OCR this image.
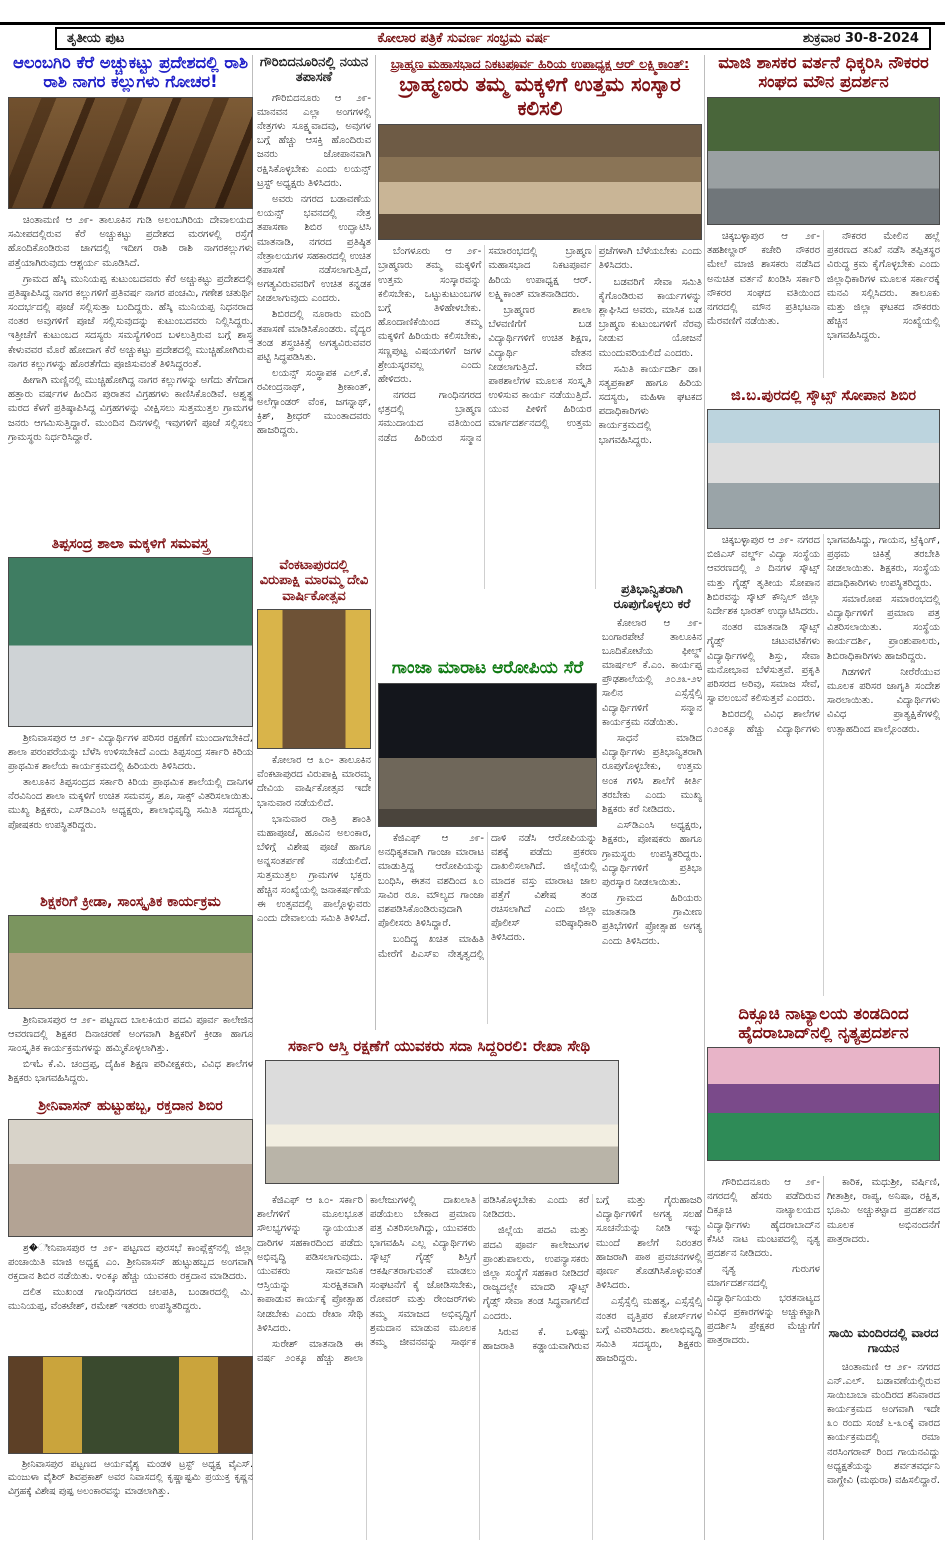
ತೃತೀಯ ಪುಟ	ಕೋಲಾರ ಪತ್ರಿಕೆ ಸುವರ್ಣ ಸಂಭ್ರಮ ವರ್ಷ	ಶುಕ್ರವಾರ 30-8-2024
ಆಲಂಬಗಿರಿ ಕೆರೆ ಅಚ್ಚುಕಟ್ಟು ಪ್ರದೇಶದಲ್ಲಿ ರಾಶಿ ರಾಶಿ ನಾಗರ ಕಲ್ಲುಗಳು ಗೋಚರ!

ಚಿಂತಾಮಣಿ ಆ ೨೯- ತಾಲೂಕಿನ ಗುಡಿ ಅಲಂಬಗಿರಿಯ ದೇವಾಲಯದ ಸಮೀಪದಲ್ಲಿರುವ ಕೆರೆ ಅಚ್ಚುಕಟ್ಟು ಪ್ರದೇಶದ ಮರಗಳಲ್ಲಿ ರಸ್ತೆಗೆ ಹೊಂದಿಕೊಂಡಿರುವ ಜಾಗದಲ್ಲಿ ಇದೀಗ ರಾಶಿ ರಾಶಿ ನಾಗರಕಲ್ಲುಗಳು ಪತ್ತೆಯಾಗಿರುವುದು ಆಶ್ಚರ್ಯ ಮೂಡಿಸಿದೆ.

ಗ್ರಾಮದ ಹೆಸ್ಕಿ ಮುನಿಯಪ್ಪ ಕುಟುಂಬದವರು ಕೆರೆ ಅಚ್ಚುಕಟ್ಟು ಪ್ರದೇಶದಲ್ಲಿ ಪ್ರತಿಷ್ಠಾಪಿಸಿದ್ದ ನಾಗರ ಕಲ್ಲುಗಳಿಗೆ ಪ್ರತಿವರ್ಷ ನಾಗರ ಪಂಚಮಿ, ಗಣೇಶ ಚತುರ್ಥಿ ಸಂದರ್ಭದಲ್ಲಿ ಪೂಜೆ ಸಲ್ಲಿಸುತ್ತಾ ಬಂದಿದ್ದರು. ಹೆಸ್ಕಿ ಮುನಿಯಪ್ಪ ನಿಧನರಾದ ನಂತರ ಅವುಗಳಿಗೆ ಪೂಜೆ ಸಲ್ಲಿಸುವುದನ್ನು ಕುಟುಂಬದವರು ನಿಲ್ಲಿಸಿದ್ದರು. ಇತ್ತೀಚೆಗೆ ಕುಟುಂಬದ ಸದಸ್ಯರು ಸಮಸ್ಯೆಗಳಿಂದ ಬಳಲುತ್ತಿರುವ ಬಗ್ಗೆ ಶಾಸ್ತ್ರ ಕೇಳುವವರ ಮೊರೆ ಹೋದಾಗ ಕೆರೆ ಅಚ್ಚುಕಟ್ಟು ಪ್ರದೇಶದಲ್ಲಿ ಮುಚ್ಚಿಹೋಗಿರುವ ನಾಗರ ಕಲ್ಲುಗಳನ್ನು ಹೊರತೆಗೆದು ಪೂಜಿಸುವಂತೆ ತಿಳಿಸಿದ್ದರಂತೆ.

ಹೀಗಾಗಿ ಮಣ್ಣಿನಲ್ಲಿ ಮುಚ್ಚಿಹೋಗಿದ್ದ ನಾಗರ ಕಲ್ಲುಗಳನ್ನು ಅಗೆದು ತೆಗೆದಾಗ ಹತ್ತಾರು ವರ್ಷಗಳ ಹಿಂದಿನ ಪುರಾತನ ವಿಗ್ರಹಗಳು ಕಾಣಿಸಿಕೊಂಡಿವೆ. ಅಶ್ವತ್ಥ ಮರದ ಕೆಳಗೆ ಪ್ರತಿಷ್ಠಾಪಿಸಿದ್ದ ವಿಗ್ರಹಗಳನ್ನು ವೀಕ್ಷಿಸಲು ಸುತ್ತಮುತ್ತಲ ಗ್ರಾಮಗಳ ಜನರು ಆಗಮಿಸುತ್ತಿದ್ದಾರೆ. ಮುಂದಿನ ದಿನಗಳಲ್ಲಿ ಇವುಗಳಿಗೆ ಪೂಜೆ ಸಲ್ಲಿಸಲು ಗ್ರಾಮಸ್ಥರು ನಿರ್ಧರಿಸಿದ್ದಾರೆ.

ತಿಪ್ಪಸಂದ್ರ ಶಾಲಾ ಮಕ್ಕಳಿಗೆ ಸಮವಸ್ತ್ರ

ಶ್ರೀನಿವಾಸಪುರ ಆ ೨೯- ವಿದ್ಯಾರ್ಥಿಗಳ ಪರಿಸರ ರಕ್ಷಣೆಗೆ ಮುಂದಾಗಬೇಕಿದೆ, ಶಾಲಾ ಪರಂಪರೆಯನ್ನು ಬೆಳೆಸಿ ಉಳಿಸಬೇಕಿದೆ ಎಂದು ತಿಪ್ಪಸಂದ್ರ ಸರ್ಕಾರಿ ಕಿರಿಯ ಪ್ರಾಥಮಿಕ ಶಾಲೆಯ ಕಾರ್ಯಕ್ರಮದಲ್ಲಿ ಹಿರಿಯರು ತಿಳಿಸಿದರು.

ತಾಲೂಕಿನ ತಿಪ್ಪಸಂದ್ರದ ಸರ್ಕಾರಿ ಕಿರಿಯ ಪ್ರಾಥಮಿಕ ಶಾಲೆಯಲ್ಲಿ ದಾನಿಗಳ ನೆರವಿನಿಂದ ಶಾಲಾ ಮಕ್ಕಳಿಗೆ ಉಚಿತ ಸಮವಸ್ತ್ರ, ಶೂ, ಸಾಕ್ಸ್ ವಿತರಿಸಲಾಯಿತು. ಮುಖ್ಯ ಶಿಕ್ಷಕರು, ಎಸ್‌ಡಿಎಂಸಿ ಅಧ್ಯಕ್ಷರು, ಶಾಲಾಭಿವೃದ್ಧಿ ಸಮಿತಿ ಸದಸ್ಯರು, ಪೋಷಕರು ಉಪಸ್ಥಿತರಿದ್ದರು.

ಶಿಕ್ಷಕರಿಗೆ ಕ್ರೀಡಾ, ಸಾಂಸ್ಕೃತಿಕ ಕಾರ್ಯಕ್ರಮ

ಶ್ರೀನಿವಾಸಪುರ ಆ ೨೯- ಪಟ್ಟಣದ ಬಾಲಕಿಯರ ಪದವಿ ಪೂರ್ವ ಕಾಲೇಜಿನ ಆವರಣದಲ್ಲಿ ಶಿಕ್ಷಕರ ದಿನಾಚರಣೆ ಅಂಗವಾಗಿ ಶಿಕ್ಷಕರಿಗೆ ಕ್ರೀಡಾ ಹಾಗೂ ಸಾಂಸ್ಕೃತಿಕ ಕಾರ್ಯಕ್ರಮಗಳನ್ನು ಹಮ್ಮಿಕೊಳ್ಳಲಾಗಿತ್ತು.

ಬಿಇಓ ಕೆ.ವಿ. ಚಂದ್ರಪ್ಪ, ದೈಹಿಕ ಶಿಕ್ಷಣ ಪರಿವೀಕ್ಷಕರು, ವಿವಿಧ ಶಾಲೆಗಳ ಶಿಕ್ಷಕರು ಭಾಗವಹಿಸಿದ್ದರು.

ಶ್ರೀನಿವಾಸನ್ ಹುಟ್ಟುಹಬ್ಬ, ರಕ್ತದಾನ ಶಿಬಿರ

ಶ್ರ�ೀನಿವಾಸಪುರ ಆ ೨೯- ಪಟ್ಟಣದ ಪುರಸಭೆ ಕಾಂಪ್ಲೆಕ್ಸ್‌ನಲ್ಲಿ ಜಿಲ್ಲಾ ಪಂಚಾಯಿತಿ ಮಾಜಿ ಅಧ್ಯಕ್ಷ ಎಂ. ಶ್ರೀನಿವಾಸನ್ ಹುಟ್ಟುಹಬ್ಬದ ಅಂಗವಾಗಿ ರಕ್ತದಾನ ಶಿಬಿರ ನಡೆಯಿತು. ೪೦ಕ್ಕೂ ಹೆಚ್ಚು ಯುವಕರು ರಕ್ತದಾನ ಮಾಡಿದರು.

ದಲಿತ ಮುಖಂಡ ಗಾಂಧಿನಗರದ ಚಲಪತಿ, ಬಂಡಾರದಲ್ಲಿ ಮಿ. ಮುನಿಯಪ್ಪ, ವೆಂಕಟೇಶ್, ರಮೇಶ್ ಇತರರು ಉಪಸ್ಥಿತರಿದ್ದರು.

ಶ್ರೀನಿವಾಸಪುರ ಪಟ್ಟಣದ ಆರ್ಯವೈಶ್ಯ ಮಂಡಳಿ ಟ್ರಸ್ಟ್ ಅಧ್ಯಕ್ಷ ವೈಎಸ್. ಮಂಜುಳಾ ವೈಶಿರ್ ಶಿವಪ್ರಕಾಶ್ ಅವರ ನಿವಾಸದಲ್ಲಿ ಕೃಷ್ಣಾಷ್ಟಮಿ ಪ್ರಯುಕ್ತ ಕೃಷ್ಣನ ವಿಗ್ರಹಕ್ಕೆ ವಿಶೇಷ ಪುಷ್ಪ ಅಲಂಕಾರವನ್ನು ಮಾಡಲಾಗಿತ್ತು.

ಗೌರಿಬಿದನೂರಿನಲ್ಲಿ ನಯನ ತಪಾಸಣೆ

ಗೌರಿಬಿದನೂರು ಆ ೨೯- ಮಾನವನ ಎಲ್ಲಾ ಅಂಗಗಳಲ್ಲಿ ನೇತ್ರಗಳು ಸೂಕ್ಷ್ಮವಾದವು, ಅವುಗಳ ಬಗ್ಗೆ ಹೆಚ್ಚು ಆಸಕ್ತಿ ಹೊಂದಿರುವ ಜನರು ಜೋಪಾನವಾಗಿ ರಕ್ಷಿಸಿಕೊಳ್ಳಬೇಕು ಎಂದು ಲಯನ್ಸ್ ಟ್ರಸ್ಟ್ ಅಧ್ಯಕ್ಷರು ತಿಳಿಸಿದರು.

ಅವರು ನಗರದ ಬಡಾವಣೆಯ ಲಯನ್ಸ್ ಭವನದಲ್ಲಿ ನೇತ್ರ ತಪಾಸಣಾ ಶಿಬಿರ ಉದ್ಘಾಟಿಸಿ ಮಾತನಾಡಿ, ನಗರದ ಪ್ರತಿಷ್ಠಿತ ನೇತ್ರಾಲಯಗಳ ಸಹಕಾರದಲ್ಲಿ ಉಚಿತ ತಪಾಸಣೆ ನಡೆಸಲಾಗುತ್ತಿದೆ, ಅಗತ್ಯವಿರುವವರಿಗೆ ಉಚಿತ ಕನ್ನಡಕ ನೀಡಲಾಗುವುದು ಎಂದರು.

ಶಿಬಿರದಲ್ಲಿ ನೂರಾರು ಮಂದಿ ತಪಾಸಣೆ ಮಾಡಿಸಿಕೊಂಡರು. ವೈದ್ಯರ ತಂಡ ಶಸ್ತ್ರಚಿಕಿತ್ಸೆ ಅಗತ್ಯವಿರುವವರ ಪಟ್ಟಿ ಸಿದ್ಧಪಡಿಸಿತು.

ಲಯನ್ಸ್ ಸಂಸ್ಥಾಪಕ ಎಲ್.ಕೆ. ರವೀಂದ್ರನಾಥ್, ಶ್ರೀಕಾಂತ್, ಅಲೆಗ್ಸಾಂಡರ್ ವೆಂಕ, ಜಗನ್ನಾಥ್, ಕ್ರಿಶ್, ಶ್ರೀಧರ್ ಮುಂತಾದವರು ಹಾಜರಿದ್ದರು.

ವೆಂಕಟಾಪುರದಲ್ಲಿ ವಿರುಪಾಕ್ಷಿ ಮಾರಮ್ಮ ದೇವಿ ವಾರ್ಷಿಕೋತ್ಸವ

ಕೋಲಾರ ಆ ೩೦- ತಾಲೂಕಿನ ವೆಂಕಟಾಪುರದ ವಿರುಪಾಕ್ಷಿ ಮಾರಮ್ಮ ದೇವಿಯ ವಾರ್ಷಿಕೋತ್ಸವ ಇದೇ ಭಾನುವಾರ ನಡೆಯಲಿದೆ.

ಭಾನುವಾರ ರಾತ್ರಿ ಶಾಂತಿ ಮಹಾಪೂಜೆ, ಹೂವಿನ ಅಲಂಕಾರ, ಬೆಳಿಗ್ಗೆ ವಿಶೇಷ ಪೂಜೆ ಹಾಗೂ ಅನ್ನಸಂತರ್ಪಣೆ ನಡೆಯಲಿದೆ. ಸುತ್ತಮುತ್ತಲ ಗ್ರಾಮಗಳ ಭಕ್ತರು ಹೆಚ್ಚಿನ ಸಂಖ್ಯೆಯಲ್ಲಿ ಜನಾಕರ್ಷಣೆಯ ಈ ಉತ್ಸವದಲ್ಲಿ ಪಾಲ್ಗೊಳ್ಳುವರು ಎಂದು ದೇವಾಲಯ ಸಮಿತಿ ತಿಳಿಸಿದೆ.

ಬ್ರಾಹ್ಮಣ ಮಹಾಸಭಾದ ನಿಕಟಪೂರ್ವ ಹಿರಿಯ ಉಪಾಧ್ಯಕ್ಷ ಆರ್ ಲಕ್ಷ್ಮಿಕಾಂತ್:

ಬ್ರಾಹ್ಮಣರು ತಮ್ಮ ಮಕ್ಕಳಿಗೆ ಉತ್ತಮ ಸಂಸ್ಕಾರ ಕಲಿಸಲಿ

ಬೆಂಗಳೂರು ಆ ೨೯- ಬ್ರಾಹ್ಮಣರು ತಮ್ಮ ಮಕ್ಕಳಿಗೆ ಉತ್ತಮ ಸಂಸ್ಕಾರವನ್ನು ಕಲಿಸಬೇಕು, ಒಟ್ಟುಕುಟುಂಬಗಳ ಬಗ್ಗೆ ತಿಳಿಹೇಳಬೇಕು. ಹೊಂದಾಣಿಕೆಯಿಂದ ತಮ್ಮ ಮಕ್ಕಳಿಗೆ ಹಿರಿಯರು ಕಲಿಸಬೇಕು, ಸಣ್ಣಪುಟ್ಟ ವಿಷಯಗಳಿಗೆ ಜಗಳ ಶ್ರೇಯಸ್ಕರವಲ್ಲ ಎಂದು ಹೇಳಿದರು.

ನಗರದ ಗಾಂಧಿನಗರದ ಛತ್ರದಲ್ಲಿ ಬ್ರಾಹ್ಮಣ ಸಮುದಾಯದ ವತಿಯಿಂದ ನಡೆದ ಹಿರಿಯರ ಸನ್ಮಾನ ಸಮಾರಂಭದಲ್ಲಿ ಬ್ರಾಹ್ಮಣ ಮಹಾಸಭಾದ ನಿಕಟಪೂರ್ವ ಹಿರಿಯ ಉಪಾಧ್ಯಕ್ಷ ಆರ್. ಲಕ್ಷ್ಮಿಕಾಂತ್ ಮಾತನಾಡಿದರು.

ಬ್ರಾಹ್ಮಣರ ಶಾಲಾ ಬೆಳವಣಿಗೆಗೆ ಬಡ ವಿದ್ಯಾರ್ಥಿಗಳಿಗೆ ಉಚಿತ ಶಿಕ್ಷಣ, ವಿದ್ಯಾರ್ಥಿ ವೇತನ ನೀಡಲಾಗುತ್ತಿದೆ. ವೇದ ಪಾಠಶಾಲೆಗಳ ಮೂಲಕ ಸಂಸ್ಕೃತಿ ಉಳಿಸುವ ಕಾರ್ಯ ನಡೆಯುತ್ತಿದೆ. ಯುವ ಪೀಳಿಗೆ ಹಿರಿಯರ ಮಾರ್ಗದರ್ಶನದಲ್ಲಿ ಉತ್ತಮ ಪ್ರಜೆಗಳಾಗಿ ಬೆಳೆಯಬೇಕು ಎಂದು ತಿಳಿಸಿದರು.

ಬಡವರಿಗೆ ಸೇವಾ ಸಮಿತಿ ಕೈಗೊಂಡಿರುವ ಕಾರ್ಯಗಳನ್ನು ಶ್ಲಾಘಿಸಿದ ಅವರು, ಮಾಸಿಕ ಬಡ ಬ್ರಾಹ್ಮಣ ಕುಟುಂಬಗಳಿಗೆ ನೆರವು ನೀಡುವ ಯೋಜನೆ ಮುಂದುವರಿಯಲಿದೆ ಎಂದರು.

ಸಮಿತಿ ಕಾರ್ಯದರ್ಶಿ ಡಾ। ಸತ್ಯಪ್ರಕಾಶ್ ಹಾಗೂ ಹಿರಿಯ ಸದಸ್ಯರು, ಮಹಿಳಾ ಘಟಕದ ಪದಾಧಿಕಾರಿಗಳು ಕಾರ್ಯಕ್ರಮದಲ್ಲಿ ಭಾಗವಹಿಸಿದ್ದರು.

ಗಾಂಜಾ ಮಾರಾಟ ಆರೋಪಿಯ ಸೆರೆ

ಕೆಜಿಎಫ್ ಆ ೨೯- ಅನಧಿಕೃತವಾಗಿ ಗಾಂಜಾ ಮಾರಾಟ ಮಾಡುತ್ತಿದ್ದ ಆರೋಪಿಯನ್ನು ಬಂಧಿಸಿ, ಈತನ ವಶದಿಂದ ೩೦ ಸಾವಿರ ರೂ. ಮೌಲ್ಯದ ಗಾಂಜಾ ವಶಪಡಿಸಿಕೊಂಡಿರುವುದಾಗಿ ಪೊಲೀಸರು ತಿಳಿಸಿದ್ದಾರೆ.

ಬಂದಿದ್ದ ಖಚಿತ ಮಾಹಿತಿ ಮೇರೆಗೆ ಪಿಎಸ್‌ಐ ನೇತೃತ್ವದಲ್ಲಿ ದಾಳಿ ನಡೆಸಿ ಆರೋಪಿಯನ್ನು ವಶಕ್ಕೆ ಪಡೆದು ಪ್ರಕರಣ ದಾಖಲಿಸಲಾಗಿದೆ. ಜಿಲ್ಲೆಯಲ್ಲಿ ಮಾದಕ ವಸ್ತು ಮಾರಾಟ ಜಾಲ ಪತ್ತೆಗೆ ವಿಶೇಷ ತಂಡ ರಚಿಸಲಾಗಿದೆ ಎಂದು ಜಿಲ್ಲಾ ಪೊಲೀಸ್ ವರಿಷ್ಠಾಧಿಕಾರಿ ತಿಳಿಸಿದರು.

ಪ್ರತಿಭಾನ್ವಿತರಾಗಿ ರೂಪುಗೊಳ್ಳಲು ಕರೆ

ಕೋಲಾರ ಆ ೨೯- ಬಂಗಾರಪೇಟೆ ತಾಲೂಕಿನ ಬೂದಿಕೋಟೆಯ ಫೀಲ್ಡ್ ಮಾರ್ಷಲ್ ಕೆ.ಎಂ. ಕಾರ್ಯಪ್ಪ ಪ್ರೌಢಶಾಲೆಯಲ್ಲಿ ೨೦೨೩-೨೪ ಸಾಲಿನ ಎಸ್ಸೆಸ್ಸೆಲ್ಸಿ ವಿದ್ಯಾರ್ಥಿಗಳಿಗೆ ಸನ್ಮಾನ ಕಾರ್ಯಕ್ರಮ ನಡೆಯಿತು.

ಸಾಧನೆ ಮಾಡಿದ ವಿದ್ಯಾರ್ಥಿಗಳು ಪ್ರತಿಭಾನ್ವಿತರಾಗಿ ರೂಪುಗೊಳ್ಳಬೇಕು, ಉತ್ತಮ ಅಂಕ ಗಳಿಸಿ ಶಾಲೆಗೆ ಕೀರ್ತಿ ತರಬೇಕು ಎಂದು ಮುಖ್ಯ ಶಿಕ್ಷಕರು ಕರೆ ನೀಡಿದರು.

ಎಸ್‌ಡಿಎಂಸಿ ಅಧ್ಯಕ್ಷರು, ಶಿಕ್ಷಕರು, ಪೋಷಕರು ಹಾಗೂ ಗ್ರಾಮಸ್ಥರು ಉಪಸ್ಥಿತರಿದ್ದರು. ವಿದ್ಯಾರ್ಥಿಗಳಿಗೆ ಪ್ರತಿಭಾ ಪುರಸ್ಕಾರ ನೀಡಲಾಯಿತು.

ಗ್ರಾಮದ ಹಿರಿಯರು ಮಾತನಾಡಿ ಗ್ರಾಮೀಣ ಪ್ರತಿಭೆಗಳಿಗೆ ಪ್ರೋತ್ಸಾಹ ಅಗತ್ಯ ಎಂದು ತಿಳಿಸಿದರು.

ಸರ್ಕಾರಿ ಆಸ್ತಿ ರಕ್ಷಣೆಗೆ ಯುವಕರು ಸದಾ ಸಿದ್ದರಿರಲಿ: ರೇಖಾ ಸೇಥಿ

ಕೆಜಿಎಫ್ ಆ ೩೦- ಸರ್ಕಾರಿ ಶಾಲೆಗಳಿಗೆ ಮೂಲಭೂತ ಸೌಲಭ್ಯಗಳನ್ನು ನ್ಯಾಯಯುತ ದಾರಿಗಳ ಸಹಕಾರದಿಂದ ಪಡೆದು ಅಭಿವೃದ್ಧಿ ಪಡಿಸಲಾಗುವುದು. ಯುವಕರು ಸಾರ್ವಜನಿಕ ಆಸ್ತಿಯನ್ನು ಸುರಕ್ಷಿತವಾಗಿ ಕಾಪಾಡುವ ಕಾರ್ಯಕ್ಕೆ ಪ್ರೋತ್ಸಾಹ ನೀಡಬೇಕು ಎಂದು ರೇಖಾ ಸೇಥಿ ತಿಳಿಸಿದರು.

ಸುರೇಶ್ ಮಾತನಾಡಿ ಈ ವರ್ಷ ೨೦ಕ್ಕೂ ಹೆಚ್ಚು ಶಾಲಾ ಕಾಲೇಜುಗಳಲ್ಲಿ ದಾಖಲಾತಿ ಪಡೆಯಲು ಬೇಕಾದ ಪ್ರಮಾಣ ಪತ್ರ ವಿತರಿಸಲಾಗಿದ್ದು, ಯುವಕರು ಭಾಗವಹಿಸಿ ಎಲ್ಲ ವಿದ್ಯಾರ್ಥಿಗಳು ಸ್ಕೌಟ್ಸ್ ಗೈಡ್ಸ್ ಶಿಸ್ತಿಗೆ ಆಕರ್ಷಿತರಾಗುವಂತೆ ಮಾಡಲು ಸಂಘಟನೆಗೆ ಕೈ ಜೋಡಿಸಬೇಕು, ರೋವರ್ ಮತ್ತು ರೇಂಜರ್‌ಗಳು ತಮ್ಮ ಸಮಾಜದ ಅಭಿವೃದ್ಧಿಗೆ ಶ್ರಮದಾನ ಮಾಡುವ ಮೂಲಕ ತಮ್ಮ ಜೀವನವನ್ನು ಸಾರ್ಥಕ ಪಡಿಸಿಕೊಳ್ಳಬೇಕು ಎಂದು ಕರೆ ನೀಡಿದರು.

ಜಿಲ್ಲೆಯ ಪದವಿ ಮತ್ತು ಪದವಿ ಪೂರ್ವ ಕಾಲೇಜುಗಳ ಪ್ರಾಂಶುಪಾಲರು, ಉಪನ್ಯಾಸಕರು ಜಿಲ್ಲಾ ಸಂಸ್ಥೆಗೆ ಸಹಕಾರ ನೀಡಿದರೆ ರಾಜ್ಯದಲ್ಲೇ ಮಾದರಿ ಸ್ಕೌಟ್ಸ್ ಗೈಡ್ಸ್ ಸೇವಾ ತಂಡ ಸಿದ್ಧವಾಗಲಿದೆ ಎಂದರು.

ಸಿರುವ ಕೆ. ಒಳಿಷ್ಟು ಹಾಜರಾತಿ ಕಡ್ಡಾಯವಾಗಿರುವ ಬಗ್ಗೆ ಮತ್ತು ಗೈರುಹಾಜರಿ ವಿದ್ಯಾರ್ಥಿಗಳಿಗೆ ಅಗತ್ಯ ಸಲಹೆ ಸೂಚನೆಯನ್ನು ನೀಡಿ ಇನ್ನು ಮುಂದೆ ಶಾಲೆಗೆ ನಿರಂತರ ಹಾಜರಾಗಿ ಪಾಠ ಪ್ರವಚನಗಳಲ್ಲಿ ಪೂರ್ಣ ತೊಡಗಿಸಿಕೊಳ್ಳುವಂತೆ ತಿಳಿಸಿದರು.

ಎಸ್ಸೆಸ್ಸೆಲ್ಸಿ ಮಹತ್ವ, ಎಸ್ಸೆಸ್ಸೆಲ್ಸಿ ನಂತರ ವೃತ್ತಿಪರ ಕೋರ್ಸ್‌ಗಳ ಬಗ್ಗೆ ವಿವರಿಸಿದರು. ಶಾಲಾಭಿವೃದ್ಧಿ ಸಮಿತಿ ಸದಸ್ಯರು, ಶಿಕ್ಷಕರು ಹಾಜರಿದ್ದರು.

ಮಾಜಿ ಶಾಸಕರ ವರ್ತನೆ ಧಿಕ್ಕರಿಸಿ ನೌಕರರ ಸಂಘದ ಮೌನ ಪ್ರದರ್ಶನ

ಚಿಕ್ಕಬಳ್ಳಾಪುರ ಆ ೨೯- ತಹಶೀಲ್ದಾರ್ ಕಚೇರಿ ನೌಕರರ ಮೇಲೆ ಮಾಜಿ ಶಾಸಕರು ನಡೆಸಿದ ಅನುಚಿತ ವರ್ತನೆ ಖಂಡಿಸಿ ಸರ್ಕಾರಿ ನೌಕರರ ಸಂಘದ ವತಿಯಿಂದ ನಗರದಲ್ಲಿ ಮೌನ ಪ್ರತಿಭಟನಾ ಮೆರವಣಿಗೆ ನಡೆಯಿತು.

ನೌಕರರ ಮೇಲಿನ ಹಲ್ಲೆ ಪ್ರಕರಣದ ತನಿಖೆ ನಡೆಸಿ ತಪ್ಪಿತಸ್ಥರ ವಿರುದ್ಧ ಕ್ರಮ ಕೈಗೊಳ್ಳಬೇಕು ಎಂದು ಜಿಲ್ಲಾಧಿಕಾರಿಗಳ ಮೂಲಕ ಸರ್ಕಾರಕ್ಕೆ ಮನವಿ ಸಲ್ಲಿಸಿದರು. ತಾಲೂಕು ಮತ್ತು ಜಿಲ್ಲಾ ಘಟಕದ ನೌಕರರು ಹೆಚ್ಚಿನ ಸಂಖ್ಯೆಯಲ್ಲಿ ಭಾಗವಹಿಸಿದ್ದರು.

ಜಿ.ಬ.ಪುರದಲ್ಲಿ ಸ್ಕೌಟ್ಸ್ ಸೋಪಾನ ಶಿಬಿರ

ಚಿಕ್ಕಬಳ್ಳಾಪುರ ಆ ೨೯- ನಗರದ ಬಿಜಿಎಸ್ ವರ್ಲ್ಡ್ ವಿದ್ಯಾ ಸಂಸ್ಥೆಯ ಆವರಣದಲ್ಲಿ ೨ ದಿನಗಳ ಸ್ಕೌಟ್ಸ್ ಮತ್ತು ಗೈಡ್ಸ್ ತೃತೀಯ ಸೋಪಾನ ಶಿಬಿರವನ್ನು ಸ್ಕೌಟ್ ಕೌನ್ಸಿಲ್ ಜಿಲ್ಲಾ ನಿರ್ದೇಶಕ ಭಾರತ್ ಉದ್ಘಾಟಿಸಿದರು.

ನಂತರ ಮಾತನಾಡಿ ಸ್ಕೌಟ್ಸ್ ಗೈಡ್ಸ್ ಚಟುವಟಿಕೆಗಳು ವಿದ್ಯಾರ್ಥಿಗಳಲ್ಲಿ ಶಿಸ್ತು, ಸೇವಾ ಮನೋಭಾವ ಬೆಳೆಸುತ್ತವೆ. ಪ್ರಕೃತಿ ಪರಿಸರದ ಅರಿವು, ಸಮಾಜ ಸೇವೆ, ಸ್ವಾವಲಂಬನೆ ಕಲಿಸುತ್ತವೆ ಎಂದರು.

ಶಿಬಿರದಲ್ಲಿ ವಿವಿಧ ಶಾಲೆಗಳ ೧೨೦ಕ್ಕೂ ಹೆಚ್ಚು ವಿದ್ಯಾರ್ಥಿಗಳು ಭಾಗವಹಿಸಿದ್ದು, ಗಾಯನ, ಟ್ರೆಕ್ಕಿಂಗ್, ಪ್ರಥಮ ಚಿಕಿತ್ಸೆ ತರಬೇತಿ ನೀಡಲಾಯಿತು. ಶಿಕ್ಷಕರು, ಸಂಸ್ಥೆಯ ಪದಾಧಿಕಾರಿಗಳು ಉಪಸ್ಥಿತರಿದ್ದರು.

ಸಮಾರೋಪ ಸಮಾರಂಭದಲ್ಲಿ ವಿದ್ಯಾರ್ಥಿಗಳಿಗೆ ಪ್ರಮಾಣ ಪತ್ರ ವಿತರಿಸಲಾಯಿತು. ಸಂಸ್ಥೆಯ ಕಾರ್ಯದರ್ಶಿ, ಪ್ರಾಂಶುಪಾಲರು, ಶಿಬಿರಾಧಿಕಾರಿಗಳು ಹಾಜರಿದ್ದರು.

ಗಿಡಗಳಿಗೆ ನೀರೆರೆಯುವ ಮೂಲಕ ಪರಿಸರ ಜಾಗೃತಿ ಸಂದೇಶ ಸಾರಲಾಯಿತು. ವಿದ್ಯಾರ್ಥಿಗಳು ವಿವಿಧ ಪ್ರಾತ್ಯಕ್ಷಿಕೆಗಳಲ್ಲಿ ಉತ್ಸಾಹದಿಂದ ಪಾಲ್ಗೊಂಡರು.

ದಿಕ್ಸೂಚಿ ನಾಟ್ಯಾಲಯ ತಂಡದಿಂದ ಹೈದರಾಬಾದ್‌ನಲ್ಲಿ ನೃತ್ಯಪ್ರದರ್ಶನ

ಗೌರಿಬಿದನೂರು ಆ ೨೯- ನಗರದಲ್ಲಿ ಹೆಸರು ಪಡೆದಿರುವ ದಿಕ್ಸೂಚಿ ನಾಟ್ಯಾಲಯದ ವಿದ್ಯಾರ್ಥಿಗಳು ಹೈದರಾಬಾದ್‌ನ ಕೆಸಿಟಿ ನಾಟ ಮಂಟಪದಲ್ಲಿ ನೃತ್ಯ ಪ್ರದರ್ಶನ ನೀಡಿದರು.

ನೃತ್ಯ ಗುರುಗಳ ಮಾರ್ಗದರ್ಶನದಲ್ಲಿ ವಿದ್ಯಾರ್ಥಿನಿಯರು ಭರತನಾಟ್ಯದ ವಿವಿಧ ಪ್ರಕಾರಗಳನ್ನು ಅಚ್ಚುಕಟ್ಟಾಗಿ ಪ್ರದರ್ಶಿಸಿ ಪ್ರೇಕ್ಷಕರ ಮೆಚ್ಚುಗೆಗೆ ಪಾತ್ರರಾದರು.

ಕಾರಿಕ, ಮಧುಶ್ರೀ, ವರ್ಷಿಣಿ, ಗೀತಾಶ್ರೀ, ರಾಪ್ಯ, ಅನಿಷಾ, ರಕ್ಷಿತ, ಭೂಮಿ ಅಚ್ಚುಕಟ್ಟಾದ ಪ್ರದರ್ಶನದ ಮೂಲಕ ಅಭಿನಂದನೆಗೆ ಪಾತ್ರರಾದರು.

ಸಾಯಿ ಮಂದಿರದಲ್ಲಿ ವಾರದ ಗಾಯನ

ಚಿಂತಾಮಣಿ ಆ ೨೯- ನಗರದ ಎನ್.ಎಲ್. ಬಡಾವಣೆಯಲ್ಲಿರುವ ಸಾಯಿಬಾಬಾ ಮಂದಿರದ ಶನಿವಾರದ ಕಾರ್ಯಕ್ರಮದ ಅಂಗವಾಗಿ ಇದೇ ೩೦ ರಂದು ಸಂಜೆ ೬-೩೦ಕ್ಕೆ ವಾರದ ಕಾರ್ಯಕ್ರಮದಲ್ಲಿ ರಮಾ ನರಸಿಂಗರಾವ್ ರಿಂದ ಗಾಯನವಿದ್ದು ಅಧ್ಯಕ್ಷತೆಯನ್ನು ಶರ್ವತವರ್ಧನಿ ವಾಗ್ದೇವಿ (ಮಥುರಾ) ವಹಿಸಲಿದ್ದಾರೆ.
